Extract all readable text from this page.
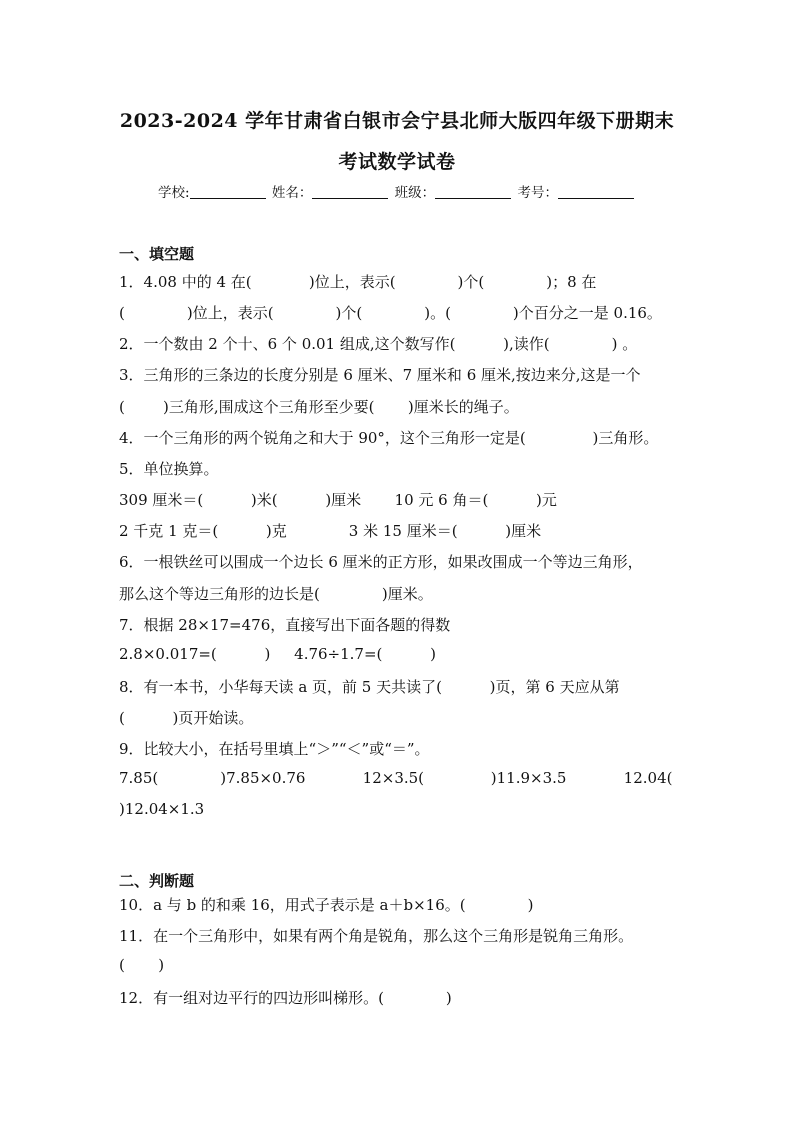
2023-2024 学年甘肃省白银市会宁县北师大版四年级下册期末
考试数学试卷
学校:	姓名：	班级：	考号：
一、填空题
1．4.08 中的 4 在(            )位上，表示(             )个(             )；8 在
(             )位上，表示(             )个(             )。(             )个百分之一是 0.16。
2．一个数由 2 个十、6 个 0.01 组成,这个数写作(          ),读作(             ) 。
3．三角形的三条边的长度分别是 6 厘米、7 厘米和 6 厘米,按边来分,这是一个
(        )三角形,围成这个三角形至少要(       )厘米长的绳子。
4．一个三角形的两个锐角之和大于 90°，这个三角形一定是(              )三角形。
5．单位换算。
309 厘米＝(          )米(          )厘米       10 元 6 角＝(          )元
2 千克 1 克＝(          )克             3 米 15 厘米＝(          )厘米
6．一根铁丝可以围成一个边长 6 厘米的正方形，如果改围成一个等边三角形，
那么这个等边三角形的边长是(             )厘米。
7．根据 28×17=476，直接写出下面各题的得数
2.8×0.017=(          )     4.76÷1.7=(          )
8．有一本书，小华每天读 a 页，前 5 天共读了(          )页，第 6 天应从第
(          )页开始读。
9．比较大小，在括号里填上“＞”“＜”或“＝”。
7.85(             )7.85×0.76            12×3.5(              )11.9×3.5            12.04(
)12.04×1.3
二、判断题
10．a 与 b 的和乘 16，用式子表示是 a＋b×16。(             )
11．在一个三角形中，如果有两个角是锐角，那么这个三角形是锐角三角形。
(       )
12．有一组对边平行的四边形叫梯形。(             )
